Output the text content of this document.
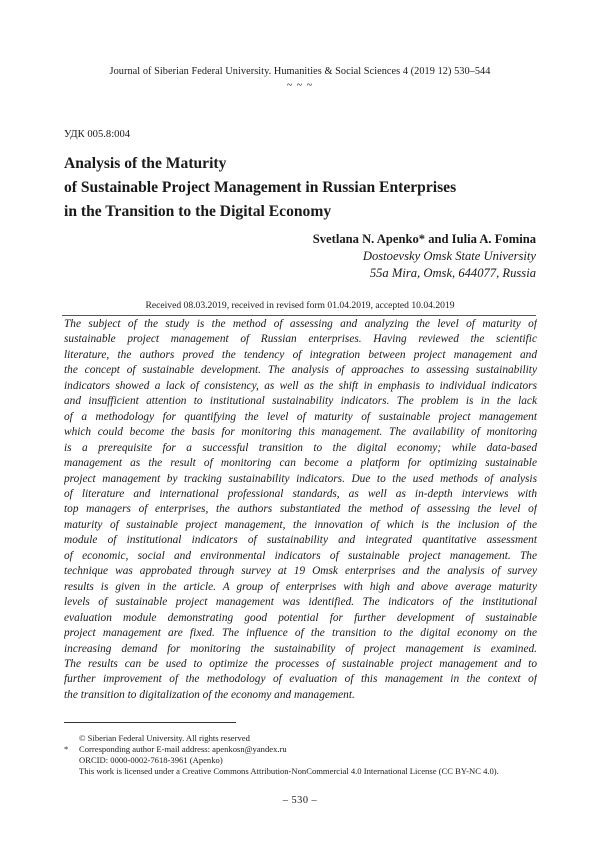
Journal of Siberian Federal University. Humanities & Social Sciences 4 (2019 12) 530–544
~ ~ ~
УДК 005.8:004
Analysis of the Maturity
of Sustainable Project Management in Russian Enterprises
in the Transition to the Digital Economy
Svetlana N. Apenko* and Iulia A. Fomina
Dostoevsky Omsk State University
55a Mira, Omsk, 644077, Russia
Received 08.03.2019, received in revised form 01.04.2019, accepted 10.04.2019
The subject of the study is the method of assessing and analyzing the level of maturity of
sustainable project management of Russian enterprises. Having reviewed the scientific
literature, the authors proved the tendency of integration between project management and
the concept of sustainable development. The analysis of approaches to assessing sustainability
indicators showed a lack of consistency, as well as the shift in emphasis to individual indicators
and insufficient attention to institutional sustainability indicators. The problem is in the lack
of a methodology for quantifying the level of maturity of sustainable project management
which could become the basis for monitoring this management. The availability of monitoring
is a prerequisite for a successful transition to the digital economy; while data-based
management as the result of monitoring can become a platform for optimizing sustainable
project management by tracking sustainability indicators. Due to the used methods of analysis
of literature and international professional standards, as well as in-depth interviews with
top managers of enterprises, the authors substantiated the method of assessing the level of
maturity of sustainable project management, the innovation of which is the inclusion of the
module of institutional indicators of sustainability and integrated quantitative assessment
of economic, social and environmental indicators of sustainable project management. The
technique was approbated through survey at 19 Omsk enterprises and the analysis of survey
results is given in the article. A group of enterprises with high and above average maturity
levels of sustainable project management was identified. The indicators of the institutional
evaluation module demonstrating good potential for further development of sustainable
project management are fixed. The influence of the transition to the digital economy on the
increasing demand for monitoring the sustainability of project management is examined.
The results can be used to optimize the processes of sustainable project management and to
further improvement of the methodology of evaluation of this management in the context of
the transition to digitalization of the economy and management.
© Siberian Federal University. All rights reserved
*	Corresponding author E-mail address: apenkosn@yandex.ru
ORCID: 0000-0002-7618-3961 (Apenko)
This work is licensed under a Creative Commons Attribution-NonCommercial 4.0 International License (CC BY-NC 4.0).
– 530 –
